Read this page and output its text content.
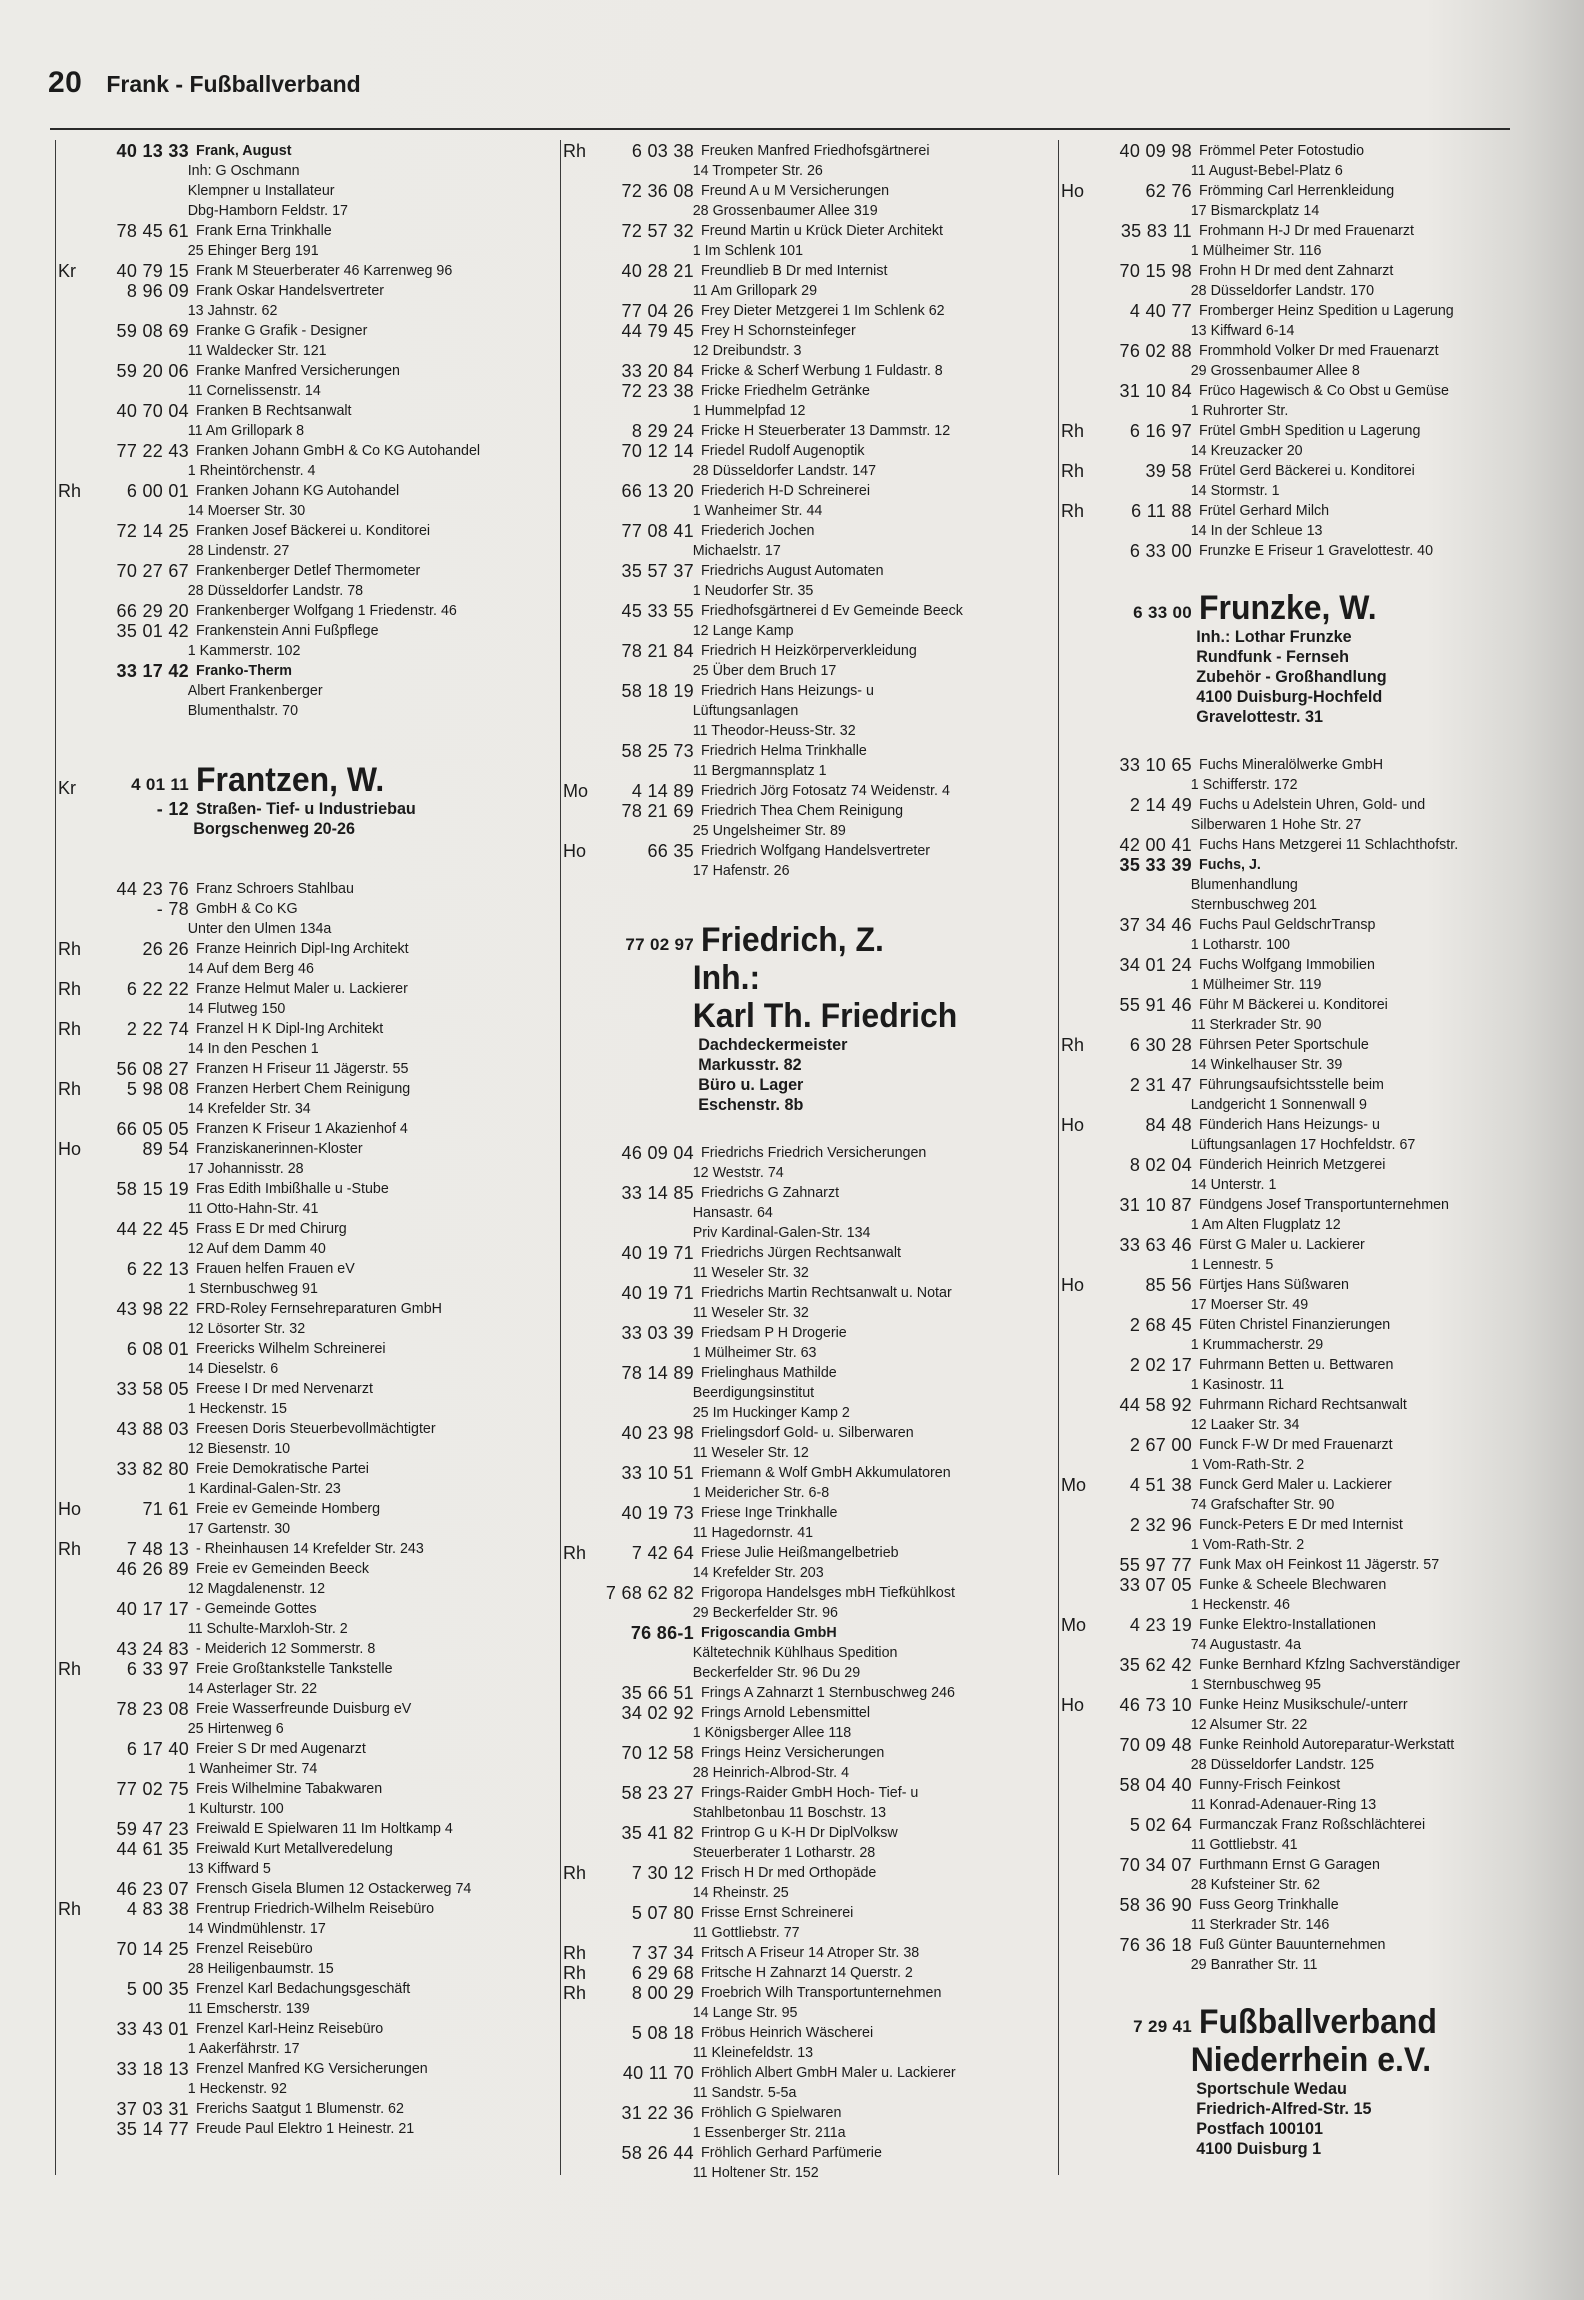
20 Frank - Fußballverband
40 13 33 Frank, August
Inh: G Oschmann
Klempner u Installateur
Dbg-Hamborn Feldstr. 17
78 45 61 Frank Erna Trinkhalle
25 Ehinger Berg 191
Kr	40 79 15 Frank M Steuerberater 46 Karrenweg 96
8 96 09 Frank Oskar Handelsvertreter
13 Jahnstr. 62
59 08 69 Franke G Grafik - Designer
11 Waldecker Str. 121
59 20 06 Franke Manfred Versicherungen
11 Cornelissenstr. 14
40 70 04 Franken B Rechtsanwalt
11 Am Grillopark 8
77 22 43 Franken Johann GmbH & Co KG Autohandel
1 Rheintörchenstr. 4
Rh	6 00 01 Franken Johann KG Autohandel
14 Moerser Str. 30
72 14 25 Franken Josef Bäckerei u. Konditorei
28 Lindenstr. 27
70 27 67 Frankenberger Detlef Thermometer
28 Düsseldorfer Landstr. 78
66 29 20 Frankenberger Wolfgang 1 Friedenstr. 46
35 01 42 Frankenstein Anni Fußpflege
1 Kammerstr. 102
33 17 42 Franko-Therm
Albert Frankenberger
Blumenthalstr. 70
Kr	4 01 11 Frantzen, W.
- 12 Straßen- Tief- u Industriebau
Borgschenweg 20-26
44 23 76 Franz Schroers Stahlbau
- 78 GmbH & Co KG
Unter den Ulmen 134a
Rh	26 26 Franze Heinrich Dipl-Ing Architekt
14 Auf dem Berg 46
Rh	6 22 22 Franze Helmut Maler u. Lackierer
14 Flutweg 150
Rh	2 22 74 Franzel H K Dipl-Ing Architekt
14 In den Peschen 1
56 08 27 Franzen H Friseur 11 Jägerstr. 55
Rh	5 98 08 Franzen Herbert Chem Reinigung
14 Krefelder Str. 34
66 05 05 Franzen K Friseur 1 Akazienhof 4
Ho	89 54 Franziskanerinnen-Kloster
17 Johannisstr. 28
58 15 19 Fras Edith Imbißhalle u -Stube
11 Otto-Hahn-Str. 41
44 22 45 Frass E Dr med Chirurg
12 Auf dem Damm 40
6 22 13 Frauen helfen Frauen eV
1 Sternbuschweg 91
43 98 22 FRD-Roley Fernsehreparaturen GmbH
12 Lösorter Str. 32
6 08 01 Freericks Wilhelm Schreinerei
14 Dieselstr. 6
33 58 05 Freese I Dr med Nervenarzt
1 Heckenstr. 15
43 88 03 Freesen Doris Steuerbevollmächtigter
12 Biesenstr. 10
33 82 80 Freie Demokratische Partei
1 Kardinal-Galen-Str. 23
Ho	71 61 Freie ev Gemeinde Homberg
17 Gartenstr. 30
Rh	7 48 13 - Rheinhausen 14 Krefelder Str. 243
46 26 89 Freie ev Gemeinden Beeck
12 Magdalenenstr. 12
40 17 17 - Gemeinde Gottes
11 Schulte-Marxloh-Str. 2
43 24 83 - Meiderich 12 Sommerstr. 8
Rh	6 33 97 Freie Großtankstelle Tankstelle
14 Asterlager Str. 22
78 23 08 Freie Wasserfreunde Duisburg eV
25 Hirtenweg 6
6 17 40 Freier S Dr med Augenarzt
1 Wanheimer Str. 74
77 02 75 Freis Wilhelmine Tabakwaren
1 Kulturstr. 100
59 47 23 Freiwald E Spielwaren 11 Im Holtkamp 4
44 61 35 Freiwald Kurt Metallveredelung
13 Kiffward 5
46 23 07 Frensch Gisela Blumen 12 Ostackerweg 74
Rh	4 83 38 Frentrup Friedrich-Wilhelm Reisebüro
14 Windmühlenstr. 17
70 14 25 Frenzel Reisebüro
28 Heiligenbaumstr. 15
5 00 35 Frenzel Karl Bedachungsgeschäft
11 Emscherstr. 139
33 43 01 Frenzel Karl-Heinz Reisebüro
1 Aakerfährstr. 17
33 18 13 Frenzel Manfred KG Versicherungen
1 Heckenstr. 92
37 03 31 Frerichs Saatgut 1 Blumenstr. 62
35 14 77 Freude Paul Elektro 1 Heinestr. 21
Rh	6 03 38 Freuken Manfred Friedhofsgärtnerei
14 Trompeter Str. 26
72 36 08 Freund A u M Versicherungen
28 Grossenbaumer Allee 319
72 57 32 Freund Martin u Krück Dieter Architekt
1 Im Schlenk 101
40 28 21 Freundlieb B Dr med Internist
11 Am Grillopark 29
77 04 26 Frey Dieter Metzgerei 1 Im Schlenk 62
44 79 45 Frey H Schornsteinfeger
12 Dreibundstr. 3
33 20 84 Fricke & Scherf Werbung 1 Fuldastr. 8
72 23 38 Fricke Friedhelm Getränke
1 Hummelpfad 12
8 29 24 Fricke H Steuerberater 13 Dammstr. 12
70 12 14 Friedel Rudolf Augenoptik
28 Düsseldorfer Landstr. 147
66 13 20 Friederich H-D Schreinerei
1 Wanheimer Str. 44
77 08 41 Friederich Jochen
Michaelstr. 17
35 57 37 Friedrichs August Automaten
1 Neudorfer Str. 35
45 33 55 Friedhofsgärtnerei d Ev Gemeinde Beeck
12 Lange Kamp
78 21 84 Friedrich H Heizkörperverkleidung
25 Über dem Bruch 17
58 18 19 Friedrich Hans Heizungs- u
Lüftungsanlagen
11 Theodor-Heuss-Str. 32
58 25 73 Friedrich Helma Trinkhalle
11 Bergmannsplatz 1
Mo	4 14 89 Friedrich Jörg Fotosatz 74 Weidenstr. 4
78 21 69 Friedrich Thea Chem Reinigung
25 Ungelsheimer Str. 89
Ho	66 35 Friedrich Wolfgang Handelsvertreter
17 Hafenstr. 26
77 02 97 Friedrich, Z.
Inh.:
Karl Th. Friedrich
Dachdeckermeister
Markusstr. 82
Büro u. Lager
Eschenstr. 8b
46 09 04 Friedrichs Friedrich Versicherungen
12 Weststr. 74
33 14 85 Friedrichs G Zahnarzt
Hansastr. 64
Priv Kardinal-Galen-Str. 134
40 19 71 Friedrichs Jürgen Rechtsanwalt
11 Weseler Str. 32
40 19 71 Friedrichs Martin Rechtsanwalt u. Notar
11 Weseler Str. 32
33 03 39 Friedsam P H Drogerie
1 Mülheimer Str. 63
78 14 89 Frielinghaus Mathilde
Beerdigungsinstitut
25 Im Huckinger Kamp 2
40 23 98 Frielingsdorf Gold- u. Silberwaren
11 Weseler Str. 12
33 10 51 Friemann & Wolf GmbH Akkumulatoren
1 Meidericher Str. 6-8
40 19 73 Friese Inge Trinkhalle
11 Hagedornstr. 41
Rh	7 42 64 Friese Julie Heißmangelbetrieb
14 Krefelder Str. 203
7 68 62 82 Frigoropa Handelsges mbH Tiefkühlkost
29 Beckerfelder Str. 96
76 86-1 Frigoscandia GmbH
Kältetechnik Kühlhaus Spedition
Beckerfelder Str. 96 Du 29
35 66 51 Frings A Zahnarzt 1 Sternbuschweg 246
34 02 92 Frings Arnold Lebensmittel
1 Königsberger Allee 118
70 12 58 Frings Heinz Versicherungen
28 Heinrich-Albrod-Str. 4
58 23 27 Frings-Raider GmbH Hoch- Tief- u
Stahlbetonbau 11 Boschstr. 13
35 41 82 Frintrop G u K-H Dr DiplVolksw
Steuerberater 1 Lotharstr. 28
Rh	7 30 12 Frisch H Dr med Orthopäde
14 Rheinstr. 25
5 07 80 Frisse Ernst Schreinerei
11 Gottliebstr. 77
Rh	7 37 34 Fritsch A Friseur 14 Atroper Str. 38
Rh	6 29 68 Fritsche H Zahnarzt 14 Querstr. 2
Rh	8 00 29 Froebrich Wilh Transportunternehmen
14 Lange Str. 95
5 08 18 Fröbus Heinrich Wäscherei
11 Kleinefeldstr. 13
40 11 70 Fröhlich Albert GmbH Maler u. Lackierer
11 Sandstr. 5-5a
31 22 36 Fröhlich G Spielwaren
1 Essenberger Str. 211a
58 26 44 Fröhlich Gerhard Parfümerie
11 Holtener Str. 152
40 09 98 Frömmel Peter Fotostudio
11 August-Bebel-Platz 6
Ho	62 76 Frömming Carl Herrenkleidung
17 Bismarckplatz 14
35 83 11 Frohmann H-J Dr med Frauenarzt
1 Mülheimer Str. 116
70 15 98 Frohn H Dr med dent Zahnarzt
28 Düsseldorfer Landstr. 170
4 40 77 Fromberger Heinz Spedition u Lagerung
13 Kiffward 6-14
76 02 88 Frommhold Volker Dr med Frauenarzt
29 Grossenbaumer Allee 8
31 10 84 Früco Hagewisch & Co Obst u Gemüse
1 Ruhrorter Str.
Rh	6 16 97 Frütel GmbH Spedition u Lagerung
14 Kreuzacker 20
Rh	39 58 Frütel Gerd Bäckerei u. Konditorei
14 Stormstr. 1
Rh	6 11 88 Frütel Gerhard Milch
14 In der Schleue 13
6 33 00 Frunzke E Friseur 1 Gravelottestr. 40
6 33 00 Frunzke, W.
Inh.: Lothar Frunzke
Rundfunk - Fernseh
Zubehör - Großhandlung
4100 Duisburg-Hochfeld
Gravelottestr. 31
33 10 65 Fuchs Mineralölwerke GmbH
1 Schifferstr. 172
2 14 49 Fuchs u Adelstein Uhren, Gold- und
Silberwaren 1 Hohe Str. 27
42 00 41 Fuchs Hans Metzgerei 11 Schlachthofstr.
35 33 39 Fuchs, J.
Blumenhandlung
Sternbuschweg 201
37 34 46 Fuchs Paul GeldschrTransp
1 Lotharstr. 100
34 01 24 Fuchs Wolfgang Immobilien
1 Mülheimer Str. 119
55 91 46 Führ M Bäckerei u. Konditorei
11 Sterkrader Str. 90
Rh	6 30 28 Führsen Peter Sportschule
14 Winkelhauser Str. 39
2 31 47 Führungsaufsichtsstelle beim
Landgericht 1 Sonnenwall 9
Ho	84 48 Fünderich Hans Heizungs- u
Lüftungsanlagen 17 Hochfeldstr. 67
8 02 04 Fünderich Heinrich Metzgerei
14 Unterstr. 1
31 10 87 Fündgens Josef Transportunternehmen
1 Am Alten Flugplatz 12
33 63 46 Fürst G Maler u. Lackierer
1 Lennestr. 5
Ho	85 56 Fürtjes Hans Süßwaren
17 Moerser Str. 49
2 68 45 Füten Christel Finanzierungen
1 Krummacherstr. 29
2 02 17 Fuhrmann Betten u. Bettwaren
1 Kasinostr. 11
44 58 92 Fuhrmann Richard Rechtsanwalt
12 Laaker Str. 34
2 67 00 Funck F-W Dr med Frauenarzt
1 Vom-Rath-Str. 2
Mo	4 51 38 Funck Gerd Maler u. Lackierer
74 Grafschafter Str. 90
2 32 96 Funck-Peters E Dr med Internist
1 Vom-Rath-Str. 2
55 97 77 Funk Max oH Feinkost 11 Jägerstr. 57
33 07 05 Funke & Scheele Blechwaren
1 Heckenstr. 46
Mo	4 23 19 Funke Elektro-Installationen
74 Augustastr. 4a
35 62 42 Funke Bernhard Kfzlng Sachverständiger
1 Sternbuschweg 95
Ho	46 73 10 Funke Heinz Musikschule/-unterr
12 Alsumer Str. 22
70 09 48 Funke Reinhold Autoreparatur-Werkstatt
28 Düsseldorfer Landstr. 125
58 04 40 Funny-Frisch Feinkost
11 Konrad-Adenauer-Ring 13
5 02 64 Furmanczak Franz Roßschlächterei
11 Gottliebstr. 41
70 34 07 Furthmann Ernst G Garagen
28 Kufsteiner Str. 62
58 36 90 Fuss Georg Trinkhalle
11 Sterkrader Str. 146
76 36 18 Fuß Günter Bauunternehmen
29 Banrather Str. 11
7 29 41 Fußballverband
Niederrhein e.V.
Sportschule Wedau
Friedrich-Alfred-Str. 15
Postfach 100101
4100 Duisburg 1
